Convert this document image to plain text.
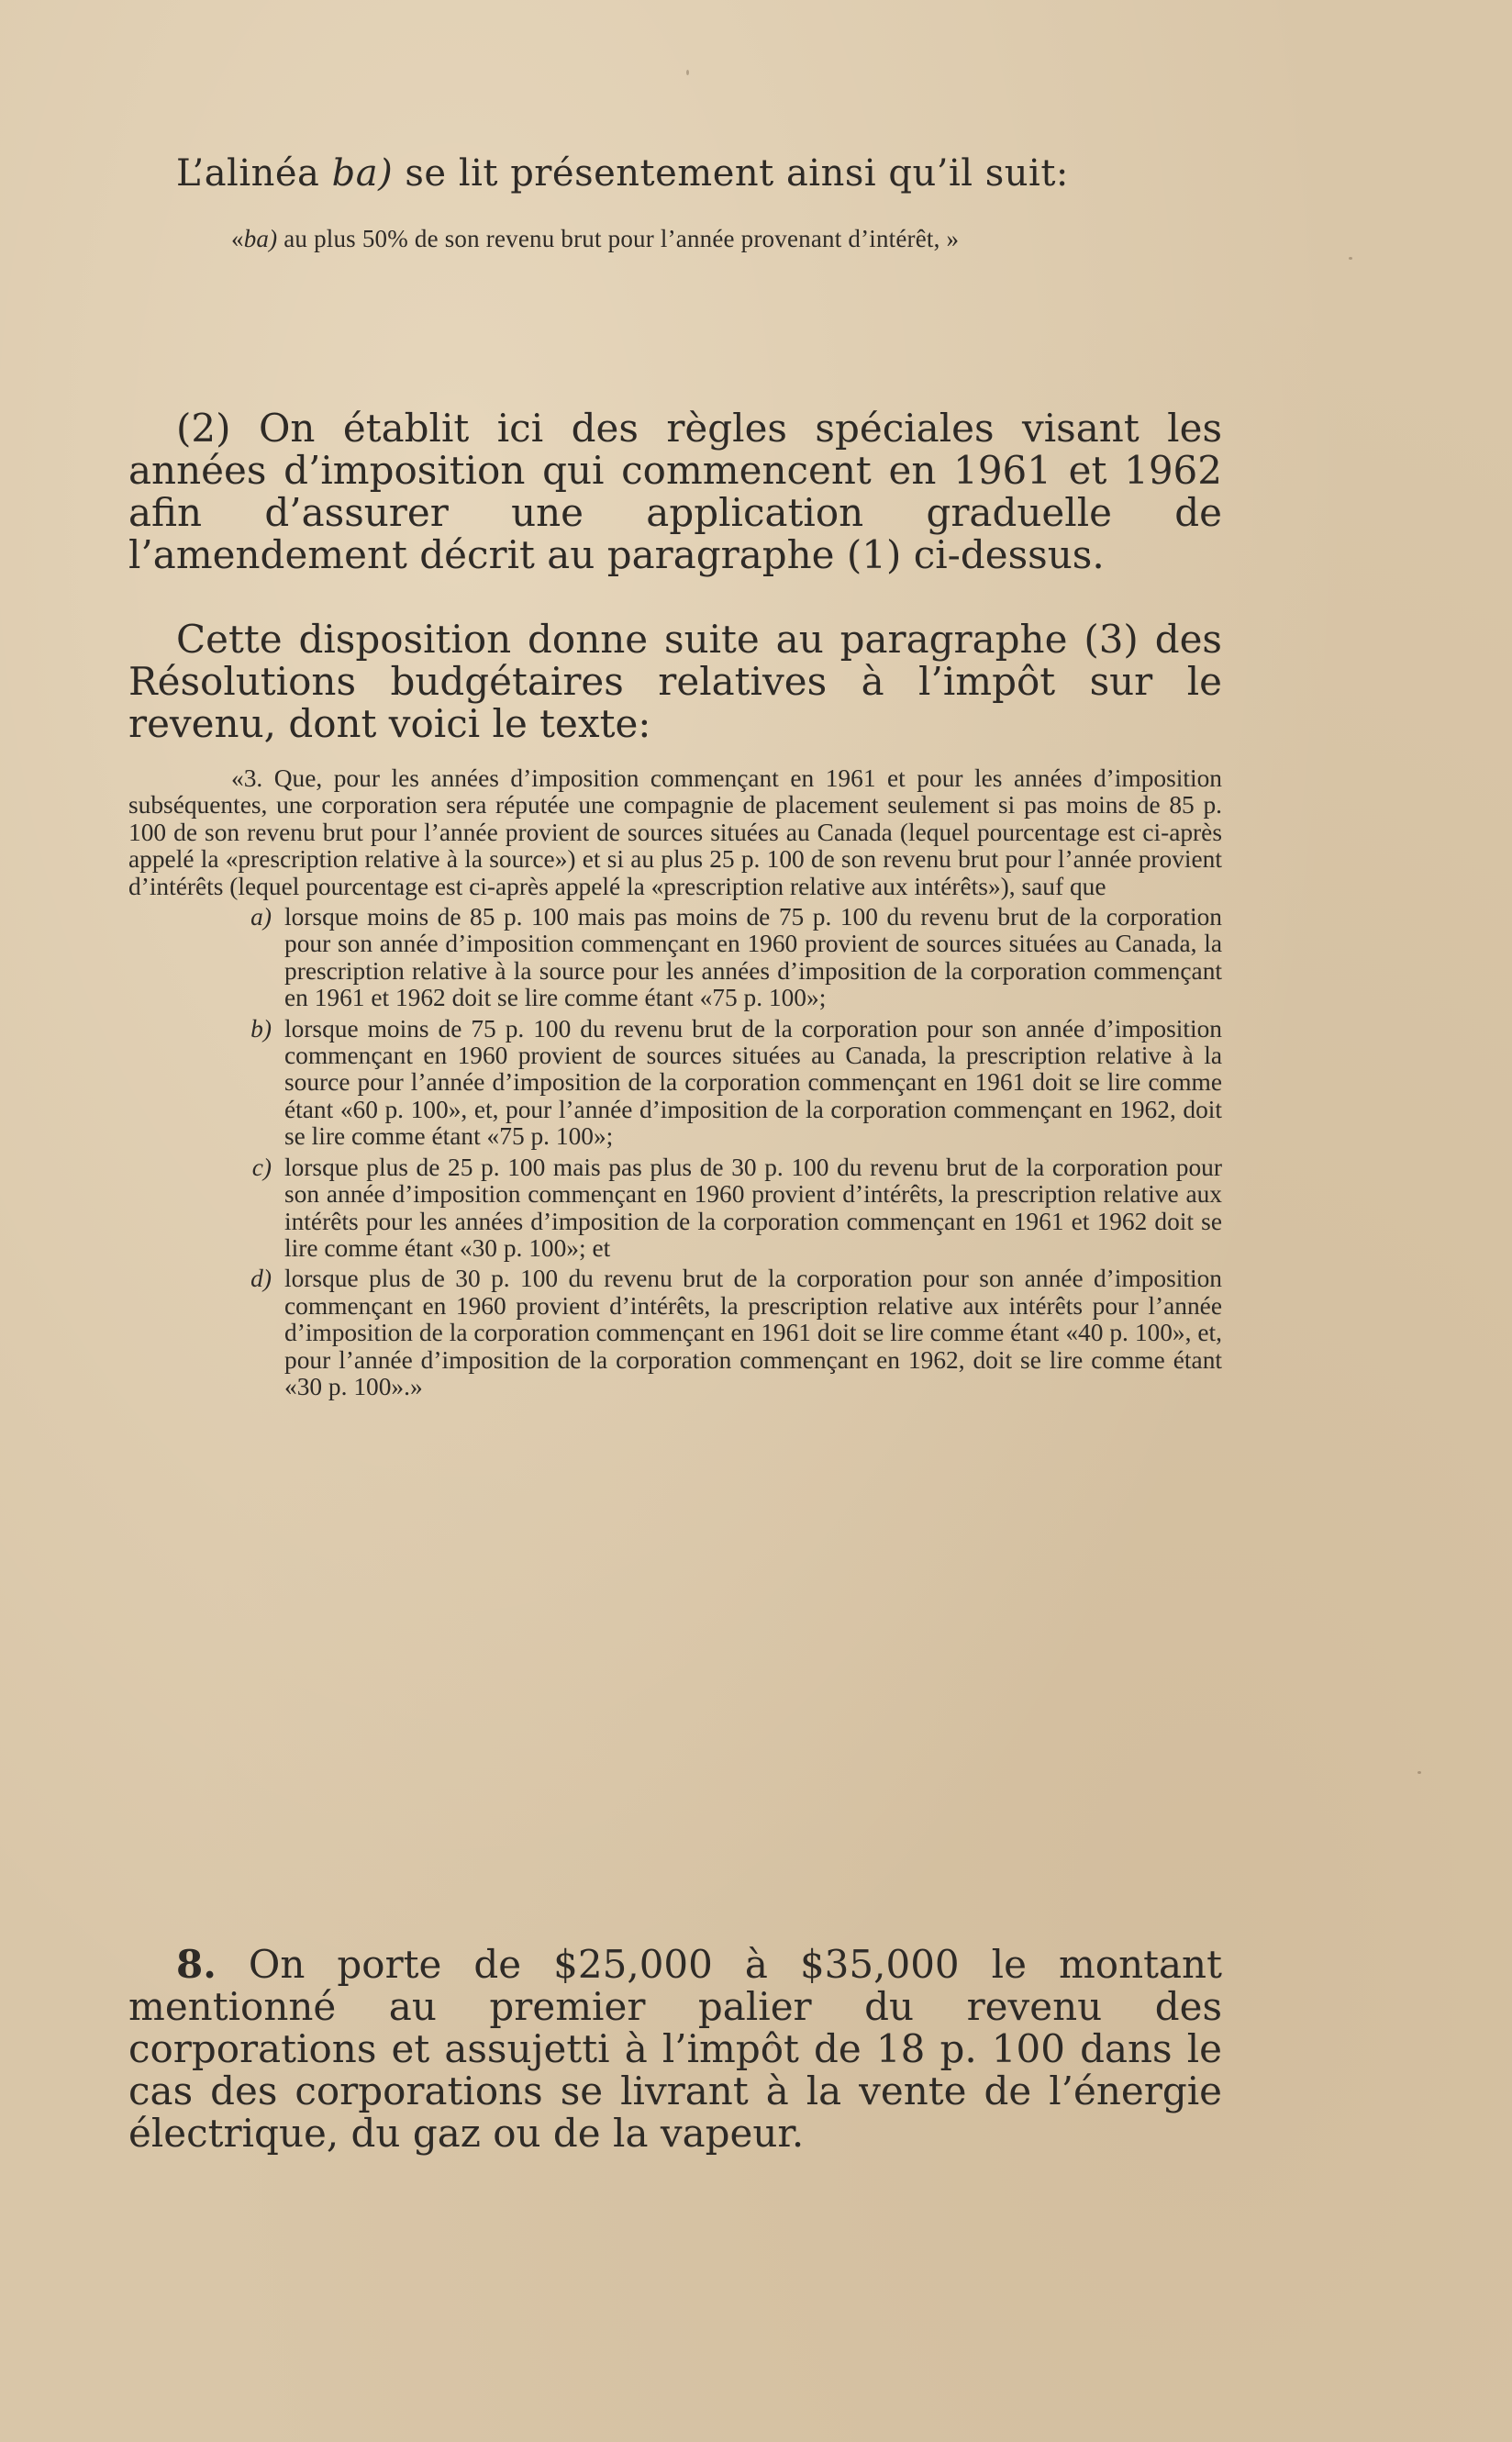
L’alinéa ba) se lit présentement ainsi qu’il suit:

«ba) au plus 50% de son revenu brut pour l’année provenant d’intérêt, »

(2) On établit ici des règles spéciales visant les années d’imposition qui commencent en 1961 et 1962 afin d’assurer une application graduelle de l’amendement décrit au paragraphe (1) ci-dessus.

Cette disposition donne suite au paragraphe (3) des Résolutions budgétaires relatives à l’impôt sur le revenu, dont voici le texte:

«3. Que, pour les années d’imposition commençant en 1961 et pour les années d’imposition subséquentes, une corporation sera réputée une compagnie de placement seulement si pas moins de 85 p. 100 de son revenu brut pour l’année provient de sources situées au Canada (lequel pourcentage est ci-après appelé la «prescription relative à la source») et si au plus 25 p. 100 de son revenu brut pour l’année provient d’intérêts (lequel pourcentage est ci-après appelé la «prescription relative aux intérêts»), sauf que

a) lorsque moins de 85 p. 100 mais pas moins de 75 p. 100 du revenu brut de la corporation pour son année d’imposition commençant en 1960 provient de sources situées au Canada, la prescription relative à la source pour les années d’imposition de la corporation commençant en 1961 et 1962 doit se lire comme étant «75 p. 100»;
b) lorsque moins de 75 p. 100 du revenu brut de la corporation pour son année d’imposition commençant en 1960 provient de sources situées au Canada, la prescription relative à la source pour l’année d’imposition de la corporation commençant en 1961 doit se lire comme étant «60 p. 100», et, pour l’année d’imposition de la corporation commençant en 1962, doit se lire comme étant «75 p. 100»;
c) lorsque plus de 25 p. 100 mais pas plus de 30 p. 100 du revenu brut de la corporation pour son année d’imposition commençant en 1960 provient d’intérêts, la prescription relative aux intérêts pour les années d’imposition de la corporation commençant en 1961 et 1962 doit se lire comme étant «30 p. 100»; et
d) lorsque plus de 30 p. 100 du revenu brut de la corporation pour son année d’imposition commençant en 1960 provient d’intérêts, la prescription relative aux intérêts pour l’année d’imposition de la corporation commençant en 1961 doit se lire comme étant «40 p. 100», et, pour l’année d’imposition de la corporation commençant en 1962, doit se lire comme étant «30 p. 100».»

8. On porte de $25,000 à $35,000 le montant mentionné au premier palier du revenu des corporations et assujetti à l’impôt de 18 p. 100 dans le cas des corporations se livrant à la vente de l’énergie électrique, du gaz ou de la vapeur.
